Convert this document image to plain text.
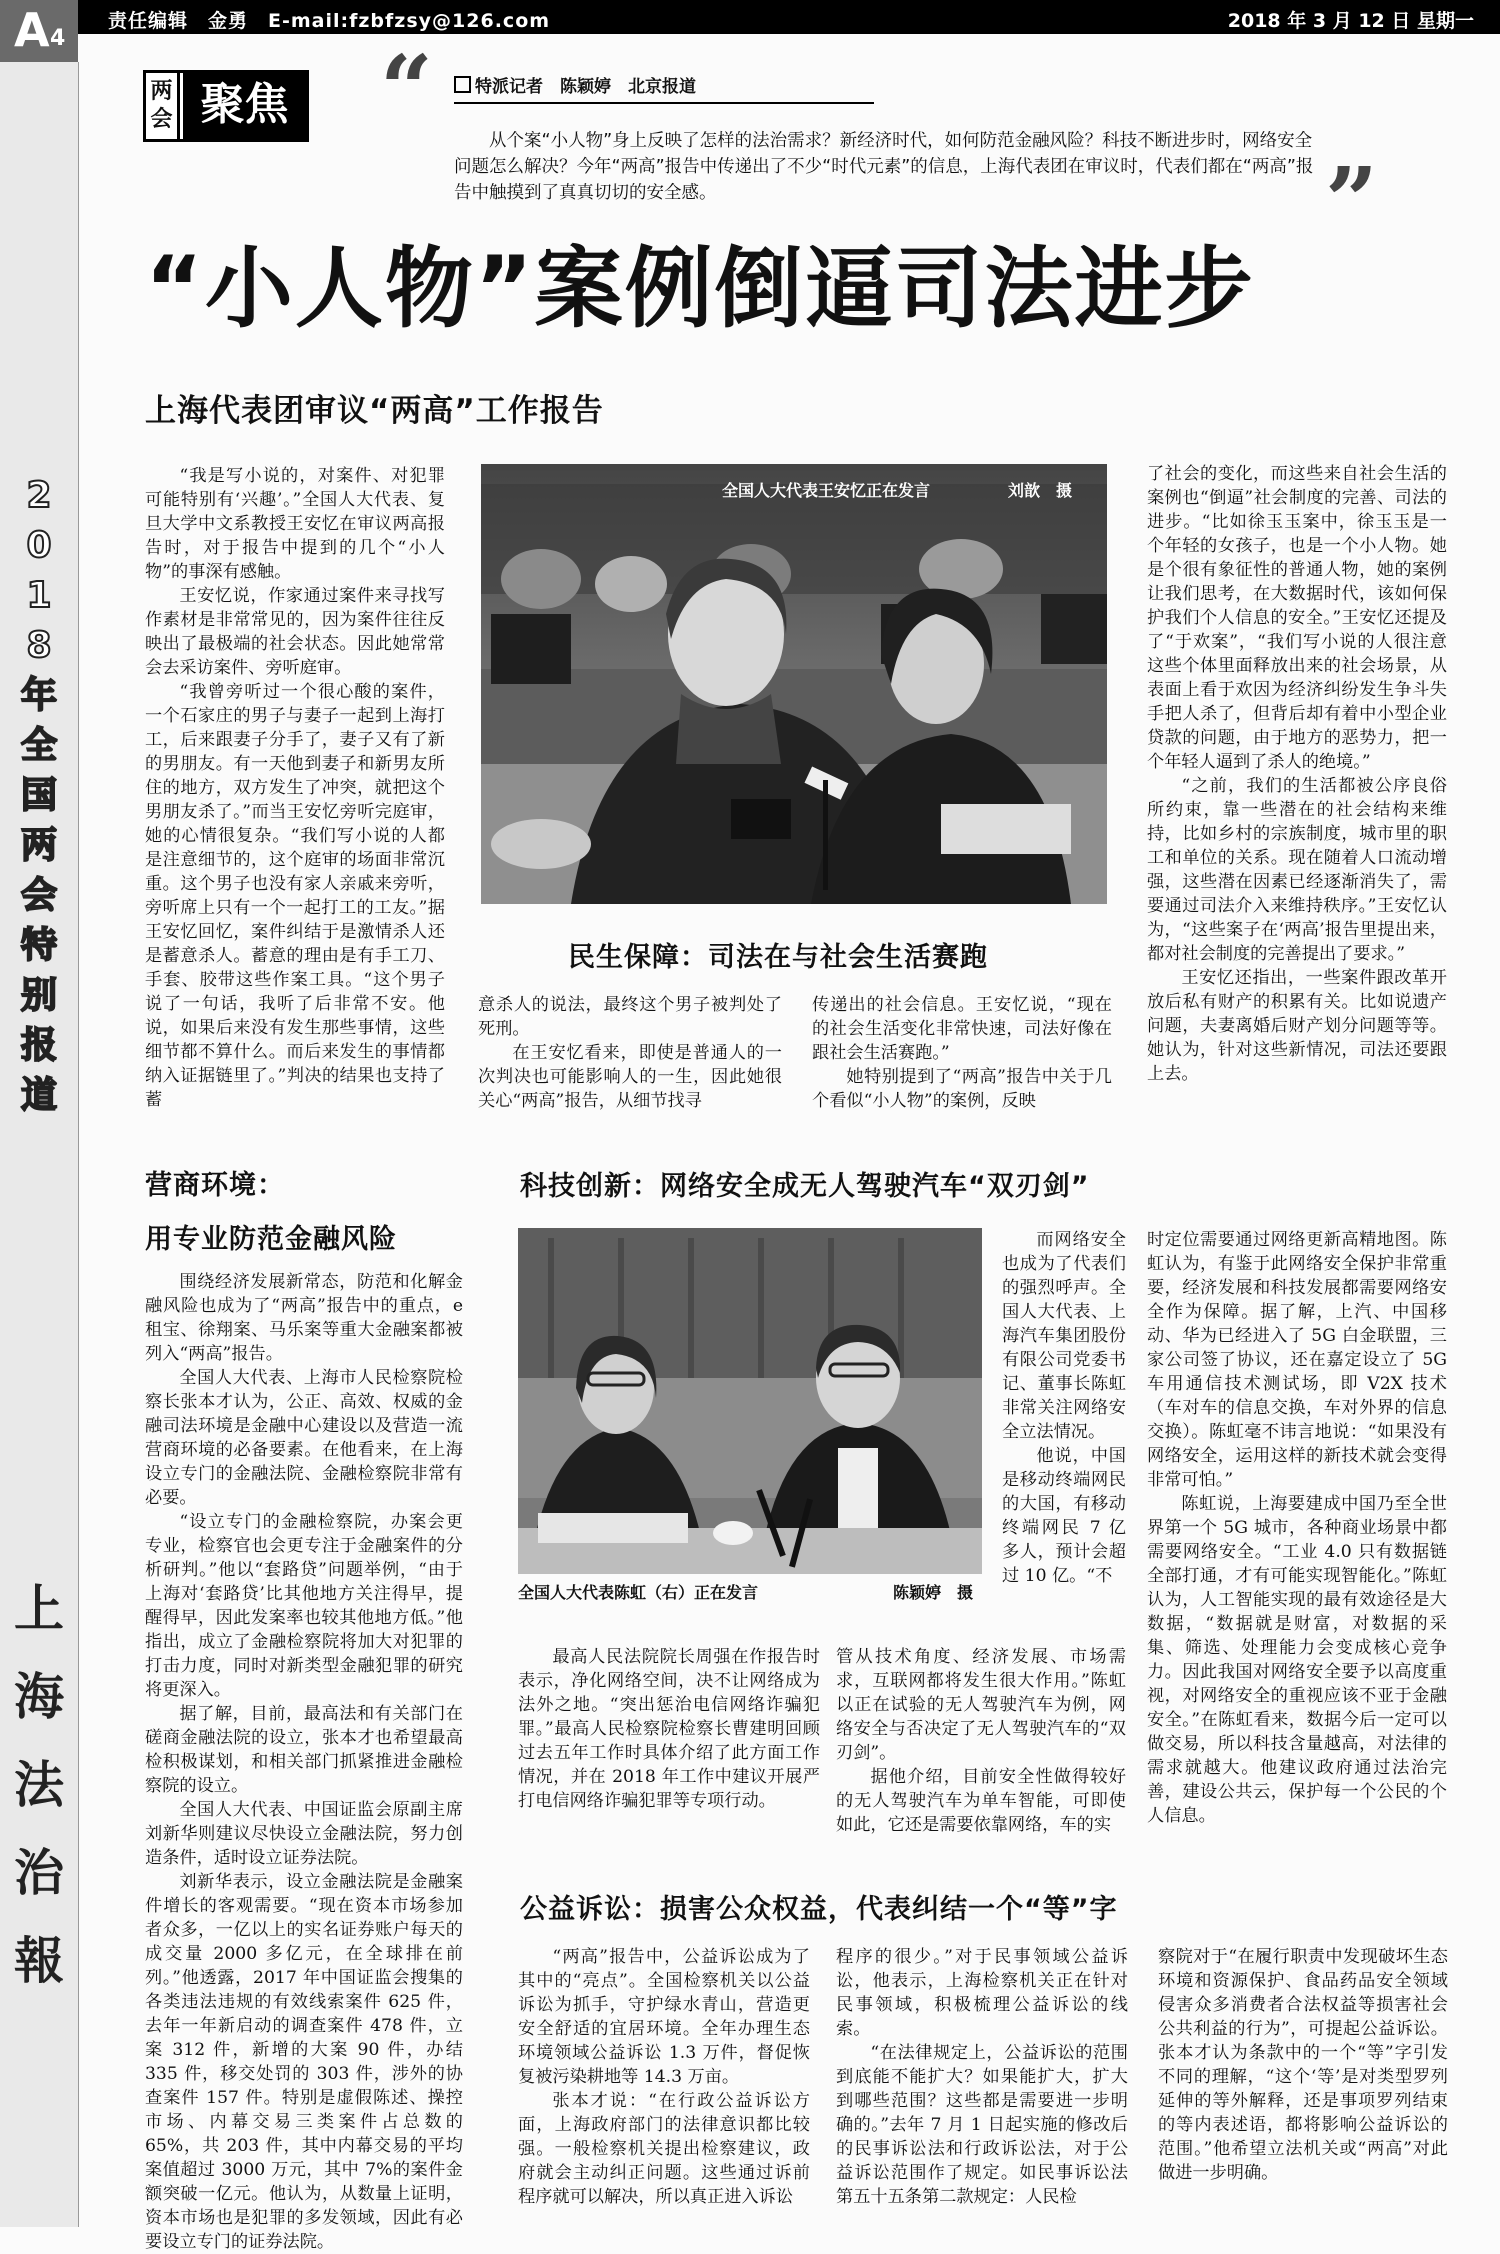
责任编辑　金勇　E-mail:fzbfzsy@126.com	2018 年 3 月 12 日 星期一
A 4
两会 聚焦 “
”
特派记者　陈颖婷　北京报道
从个案“小人物”身上反映了怎样的法治需求？新经济时代，如何防范金融风险？科技不断进步时，网络安全问题怎么解决？今年“两高”报告中传递出了不少“时代元素”的信息，上海代表团在审议时，代表们都在“两高”报告中触摸到了真真切切的安全感。
“小人物”案例倒逼司法进步
上海代表团审议“两高”工作报告
全国人大代表王安忆正在发言	刘歆　摄
民生保障：司法在与社会生活赛跑

“我是写小说的，对案件、对犯罪可能特别有‘兴趣’。”全国人大代表、复旦大学中文系教授王安忆在审议两高报告时，对于报告中提到的几个“小人物”的事深有感触。

王安忆说，作家通过案件来寻找写作素材是非常常见的，因为案件往往反映出了最极端的社会状态。因此她常常会去采访案件、旁听庭审。

“我曾旁听过一个很心酸的案件，一个石家庄的男子与妻子一起到上海打工，后来跟妻子分手了，妻子又有了新的男朋友。有一天他到妻子和新男友所住的地方，双方发生了冲突，就把这个男朋友杀了。”而当王安忆旁听完庭审，她的心情很复杂。“我们写小说的人都是注意细节的，这个庭审的场面非常沉重。这个男子也没有家人亲戚来旁听，旁听席上只有一个一起打工的工友。”据王安忆回忆，案件纠结于是激情杀人还是蓄意杀人。蓄意的理由是有手工刀、手套、胶带这些作案工具。“这个男子说了一句话，我听了后非常不安。他说，如果后来没有发生那些事情，这些细节都不算什么。而后来发生的事情都纳入证据链里了。”判决的结果也支持了蓄

意杀人的说法，最终这个男子被判处了死刑。

在王安忆看来，即使是普通人的一次判决也可能影响人的一生，因此她很关心“两高”报告，从细节找寻

传递出的社会信息。王安忆说，“现在的社会生活变化非常快速，司法好像在跟社会生活赛跑。”

她特别提到了“两高”报告中关于几个看似“小人物”的案例，反映

了社会的变化，而这些来自社会生活的案例也“倒逼”社会制度的完善、司法的进步。“比如徐玉玉案中，徐玉玉是一个年轻的女孩子，也是一个小人物。她是个很有象征性的普通人物，她的案例让我们思考，在大数据时代，该如何保护我们个人信息的安全。”王安忆还提及了“于欢案”，“我们写小说的人很注意这些个体里面释放出来的社会场景，从表面上看于欢因为经济纠纷发生争斗失手把人杀了，但背后却有着中小型企业贷款的问题，由于地方的恶势力，把一个年轻人逼到了杀人的绝境。”

“之前，我们的生活都被公序良俗所约束，靠一些潜在的社会结构来维持，比如乡村的宗族制度，城市里的职工和单位的关系。现在随着人口流动增强，这些潜在因素已经逐渐消失了，需要通过司法介入来维持秩序。”王安忆认为，“这些案子在‘两高’报告里提出来，都对社会制度的完善提出了要求。”

王安忆还指出，一些案件跟改革开放后私有财产的积累有关。比如说遗产问题，夫妻离婚后财产划分问题等等。她认为，针对这些新情况，司法还要跟上去。

营商环境：
用专业防范金融风险

围绕经济发展新常态，防范和化解金融风险也成为了“两高”报告中的重点，e租宝、徐翔案、马乐案等重大金融案都被列入“两高”报告。

全国人大代表、上海市人民检察院检察长张本才认为，公正、高效、权威的金融司法环境是金融中心建设以及营造一流营商环境的必备要素。在他看来，在上海设立专门的金融法院、金融检察院非常有必要。

“设立专门的金融检察院，办案会更专业，检察官也会更专注于金融案件的分析研判。”他以“套路贷”问题举例，“由于上海对‘套路贷’比其他地方关注得早，提醒得早，因此发案率也较其他地方低。”他指出，成立了金融检察院将加大对犯罪的打击力度，同时对新类型金融犯罪的研究将更深入。

据了解，目前，最高法和有关部门在磋商金融法院的设立，张本才也希望最高检积极谋划，和相关部门抓紧推进金融检察院的设立。

全国人大代表、中国证监会原副主席刘新华则建议尽快设立金融法院，努力创造条件，适时设立证券法院。

刘新华表示，设立金融法院是金融案件增长的客观需要。“现在资本市场参加者众多，一亿以上的实名证券账户每天的成交量 2000 多亿元，在全球排在前列。”他透露，2017 年中国证监会搜集的各类违法违规的有效线索案件 625 件，去年一年新启动的调查案件 478 件，立案 312 件，新增的大案 90 件，办结 335 件，移交处罚的 303 件，涉外的协查案件 157 件。特别是虚假陈述、操控市场、内幕交易三类案件占总数的 65%，共 203 件，其中内幕交易的平均案值超过 3000 万元，其中 7%的案件金额突破一亿元。他认为，从数量上证明，资本市场也是犯罪的多发领域，因此有必要设立专门的证券法院。

科技创新：网络安全成无人驾驶汽车“双刃剑”
全国人大代表陈虹（右）正在发言	陈颖婷　摄

而网络安全也成为了代表们的强烈呼声。全国人大代表、上海汽车集团股份有限公司党委书记、董事长陈虹非常关注网络安全立法情况。

他说，中国是移动终端网民的大国，有移动终端网民 7 亿多人，预计会超过 10 亿。“不

最高人民法院院长周强在作报告时表示，净化网络空间，决不让网络成为法外之地。“突出惩治电信网络诈骗犯罪。”最高人民检察院检察长曹建明回顾过去五年工作时具体介绍了此方面工作情况，并在 2018 年工作中建议开展严打电信网络诈骗犯罪等专项行动。

管从技术角度、经济发展、市场需求，互联网都将发生很大作用。”陈虹以正在试验的无人驾驶汽车为例，网络安全与否决定了无人驾驶汽车的“双刃剑”。

据他介绍，目前安全性做得较好的无人驾驶汽车为单车智能，可即使如此，它还是需要依靠网络，车的实

时定位需要通过网络更新高精地图。陈虹认为，有鉴于此网络安全保护非常重要，经济发展和科技发展都需要网络安全作为保障。据了解，上汽、中国移动、华为已经进入了 5G 白金联盟，三家公司签了协议，还在嘉定设立了 5G 车用通信技术测试场，即 V2X 技术（车对车的信息交换，车对外界的信息交换）。陈虹毫不讳言地说：“如果没有网络安全，运用这样的新技术就会变得非常可怕。”

陈虹说，上海要建成中国乃至全世界第一个 5G 城市，各种商业场景中都需要网络安全。“工业 4.0 只有数据链全部打通，才有可能实现智能化。”陈虹认为，人工智能实现的最有效途径是大数据，“数据就是财富，对数据的采集、筛选、处理能力会变成核心竞争力。因此我国对网络安全要予以高度重视，对网络安全的重视应该不亚于金融安全。”在陈虹看来，数据今后一定可以做交易，所以科技含量越高，对法律的需求就越大。他建议政府通过法治完善，建设公共云，保护每一个公民的个人信息。

公益诉讼：损害公众权益，代表纠结一个“等”字

“两高”报告中，公益诉讼成为了其中的“亮点”。全国检察机关以公益诉讼为抓手，守护绿水青山，营造更安全舒适的宜居环境。全年办理生态环境领域公益诉讼 1.3 万件，督促恢复被污染耕地等 14.3 万亩。

张本才说：“在行政公益诉讼方面，上海政府部门的法律意识都比较强。一般检察机关提出检察建议，政府就会主动纠正问题。这些通过诉前程序就可以解决，所以真正进入诉讼

程序的很少。”对于民事领域公益诉讼，他表示，上海检察机关正在针对民事领域，积极梳理公益诉讼的线索。

“在法律规定上，公益诉讼的范围到底能不能扩大？如果能扩大，扩大到哪些范围？这些都是需要进一步明确的。”去年 7 月 1 日起实施的修改后的民事诉讼法和行政诉讼法，对于公益诉讼范围作了规定。如民事诉讼法第五十五条第二款规定：人民检

察院对于“在履行职责中发现破坏生态环境和资源保护、食品药品安全领域侵害众多消费者合法权益等损害社会公共利益的行为”，可提起公益诉讼。张本才认为条款中的一个“等”字引发不同的理解，“这个‘等’是对类型罗列延伸的等外解释，还是事项罗列结束的等内表述语，都将影响公益诉讼的范围。”他希望立法机关或“两高”对此做进一步明确。

2
0
1
8
年
全
国
两
会
特
别
报
道
上
海
法
治
報
